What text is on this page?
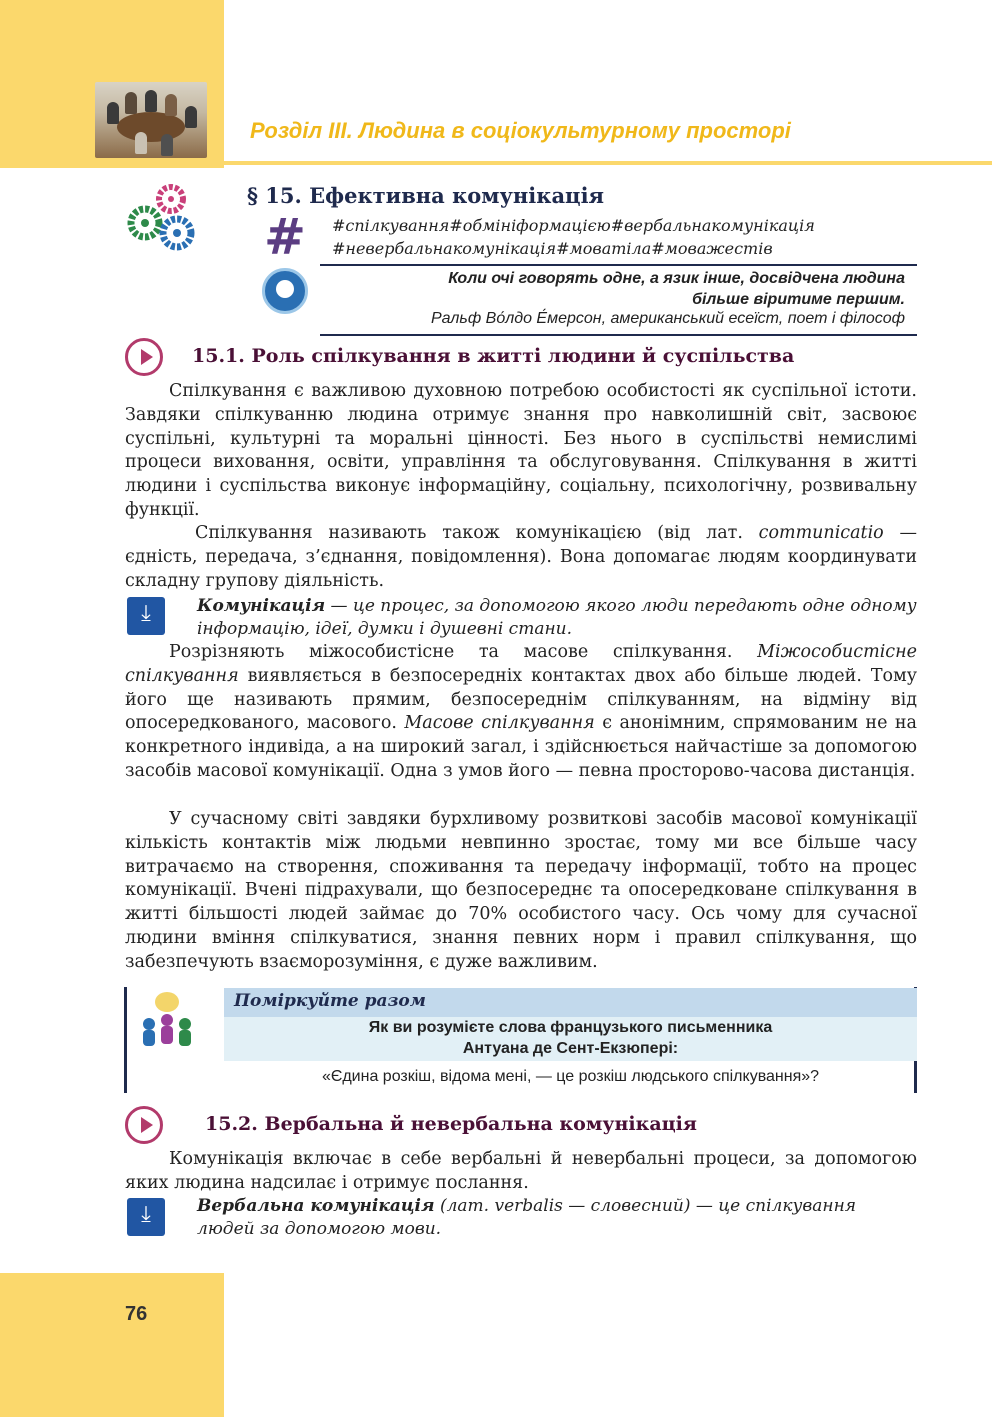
Розділ ІІІ. Людина в соціокультурному просторі
§ 15. Ефективна комунікація
# #спілкування#обмініформацією#вербальнакомунікація
#невербальнакомунікація#моватіла#моважестів
Коли очі говорять одне, а язик інше, досвідчена людина
більше віритиме першим.
Ральф Во́лдо Е́мерсон, американський есеїст, поет і філософ
15.1. Роль спілкування в житті людини й суспільства
Спілкування є важливою духовною потребою особистості як суспільної істоти. Завдяки спілкуванню людина отримує знання про навколишній світ, засвоює суспільні, культурні та моральні цінності. Без нього в суспільстві немислимі процеси виховання, освіти, управління та обслуговування. Спілкування в житті людини і суспільства виконує інформаційну, соціальну, психологічну, розвивальну функції.
Спілкування називають також комунікацією (від лат. communicatio — єдність, передача, з’єднання, повідомлення). Вона допомагає людям координувати складну групову діяльність.
⤓
Комунікація — це процес, за допомогою якого люди передають одне одному інформацію, ідеї, думки і душевні стани.
Розрізняють міжособистісне та масове спілкування. Міжособистісне спілкування виявляється в безпосередніх контактах двох або більше людей. Тому його ще називають прямим, безпосереднім спілкуванням, на відміну від опосередкованого, масового. Масове спілкування є анонімним, спрямованим не на конкретного індивіда, а на широкий загал, і здійснюється найчастіше за допомогою засобів масової комунікації. Одна з умов його — певна просторово-часова дистанція.
У сучасному світі завдяки бурхливому розвиткові засобів масової комунікації кількість контактів між людьми невпинно зростає, тому ми все більше часу витрачаємо на створення, споживання та передачу інформації, тобто на процес комунікації. Вчені підрахували, що безпосереднє та опосередковане спілкування в житті більшості людей займає до 70% особистого часу. Ось чому для сучасної людини вміння спілкуватися, знання певних норм і правил спілкування, що забезпечують взаєморозуміння, є дуже важливим.
Поміркуйте разом
Як ви розумієте слова французького письменника
Антуана де Сент-Екзюпері:
«Єдина розкіш, відома мені, — це розкіш людського спілкування»?
15.2. Вербальна й невербальна комунікація
Комунікація включає в себе вербальні й невербальні процеси, за допомогою яких людина надсилає і отримує послання.
⤓
Вербальна комунікація (лат. verbalis — словесний) — це спілкування людей за допомогою мови.
76
